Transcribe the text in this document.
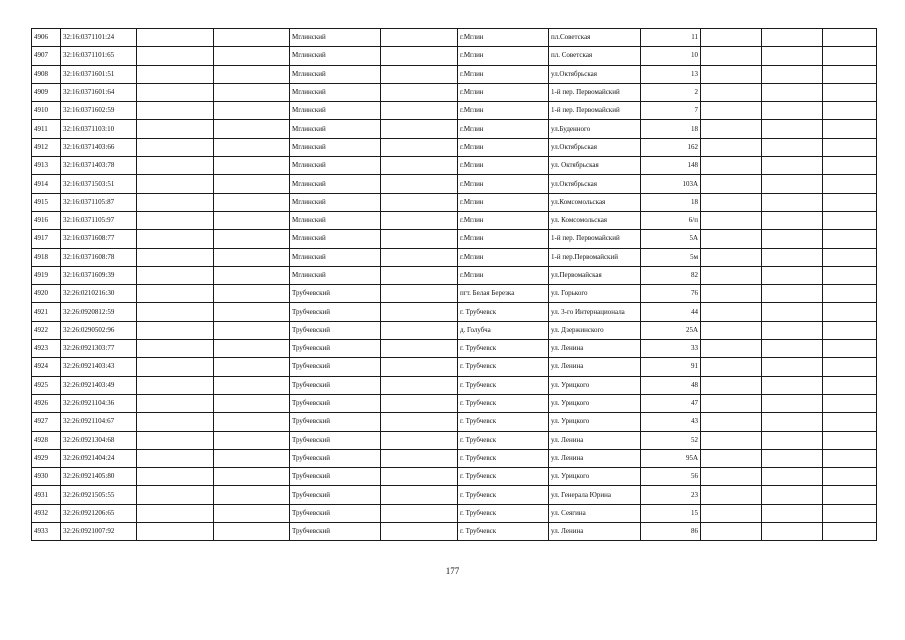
4906	32:16:0371101:24			Мглинский		г.Мглин	пл.Советская	11			
4907	32:16:0371101:65			Мглинский		г.Мглин	пл. Советская	10			
4908	32:16:0371601:51			Мглинский		г.Мглин	ул.Октябрьская	13			
4909	32:16:0371601:64			Мглинский		г.Мглин	1-й пер. Первомайский	2			
4910	32:16:0371602:59			Мглинский		г.Мглин	1-й пер. Первомайский	7			
4911	32:16:0371103:10			Мглинский		г.Мглин	ул.Буденного	18			
4912	32:16:0371403:66			Мглинский		г.Мглин	ул.Октябрьская	162			
4913	32:16:0371403:78			Мглинский		г.Мглин	ул. Октябрьская	148			
4914	32:16:0371503:51			Мглинский		г.Мглин	ул.Октябрьская	103А			
4915	32:16:0371105:87			Мглинский		г.Мглин	ул.Комсомольская	18			
4916	32:16:0371105:97			Мглинский		г.Мглин	ул. Комсомольская	6/п			
4917	32:16:0371608:77			Мглинский		г.Мглин	1-й пер. Первомайский	5А			
4918	32:16:0371608:78			Мглинский		г.Мглин	1-й пер.Первомайский	5м			
4919	32:16:0371609:39			Мглинский		г.Мглин	ул.Первомайская	82			
4920	32:26:0210216:30			Трубчевский		пгт. Белая Березка	ул. Горького	76			
4921	32:26:0920812:59			Трубчевский		г. Трубчевск	ул. 3-го Интернационала	44			
4922	32:26:0290502:96			Трубчевский		д. Голубча	ул. Дзержинского	25А			
4923	32:26:0921303:77			Трубчевский		г. Трубчевск	ул. Ленина	33			
4924	32:26:0921403:43			Трубчевский		г. Трубчевск	ул. Ленина	91			
4925	32:26:0921403:49			Трубчевский		г. Трубчевск	ул. Урицкого	48			
4926	32:26:0921104:36			Трубчевский		г. Трубчевск	ул. Урицкого	47			
4927	32:26:0921104:67			Трубчевский		г. Трубчевск	ул. Урицкого	43			
4928	32:26:0921304:68			Трубчевский		г. Трубчевск	ул. Ленина	52			
4929	32:26:0921404:24			Трубчевский		г. Трубчевск	ул. Ленина	95А			
4930	32:26:0921405:80			Трубчевский		г. Трубчевск	ул. Урицкого	56			
4931	32:26:0921505:55			Трубчевский		г. Трубчевск	ул. Генерала Юрина	23			
4932	32:26:0921206:65			Трубчевский		г. Трубчевск	ул. Сеягина	15			
4933	32:26:0921007:92			Трубчевский		г. Трубчевск	ул. Ленина	86			
177
